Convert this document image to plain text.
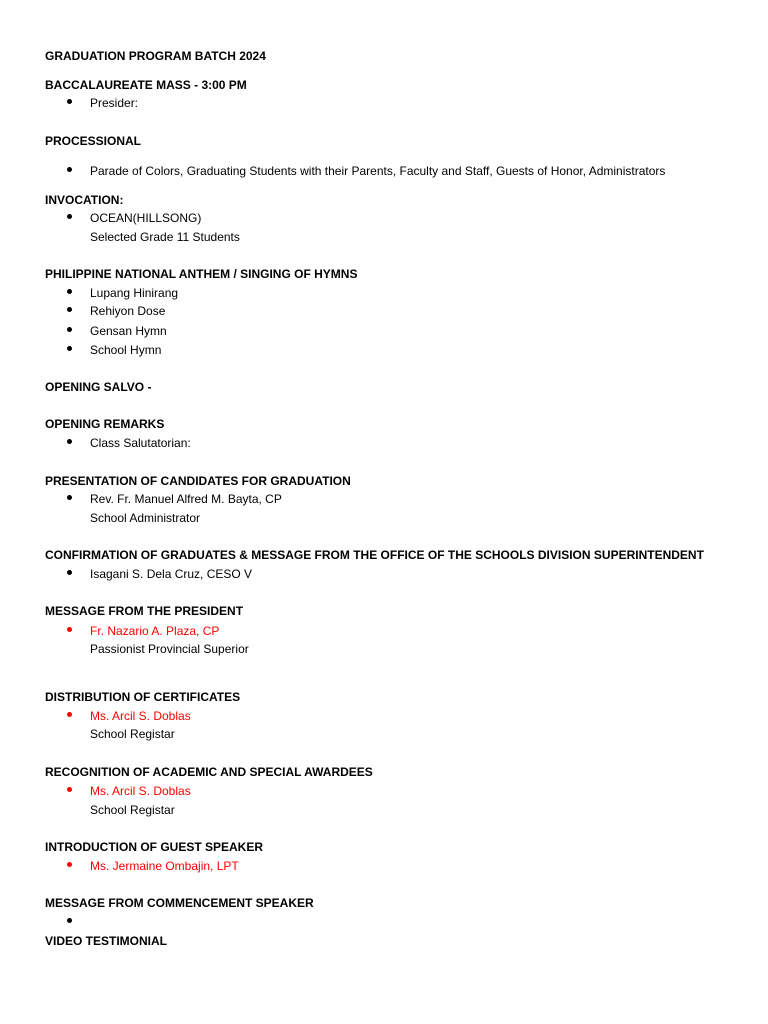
GRADUATION PROGRAM BATCH 2024
BACCALAUREATE MASS - 3:00 PM
Presider:
PROCESSIONAL
Parade of Colors, Graduating Students with their Parents, Faculty and Staff, Guests of Honor, Administrators
INVOCATION:
OCEAN(HILLSONG)
Selected Grade 11 Students
PHILIPPINE NATIONAL ANTHEM / SINGING OF HYMNS
Lupang Hinirang
Rehiyon Dose
Gensan Hymn
School Hymn
OPENING SALVO -
OPENING REMARKS
Class Salutatorian:
PRESENTATION OF CANDIDATES FOR GRADUATION
Rev. Fr. Manuel Alfred M. Bayta, CP
School Administrator
CONFIRMATION OF GRADUATES & MESSAGE FROM THE OFFICE OF THE SCHOOLS DIVISION SUPERINTENDENT
Isagani S. Dela Cruz, CESO V
MESSAGE FROM THE PRESIDENT
Fr. Nazario A. Plaza, CP
Passionist Provincial Superior
DISTRIBUTION OF CERTIFICATES
Ms. Arcil S. Doblas
School Registar
RECOGNITION OF ACADEMIC AND SPECIAL AWARDEES
Ms. Arcil S. Doblas
School Registar
INTRODUCTION OF GUEST SPEAKER
Ms. Jermaine Ombajin, LPT
MESSAGE FROM COMMENCEMENT SPEAKER
VIDEO TESTIMONIAL
